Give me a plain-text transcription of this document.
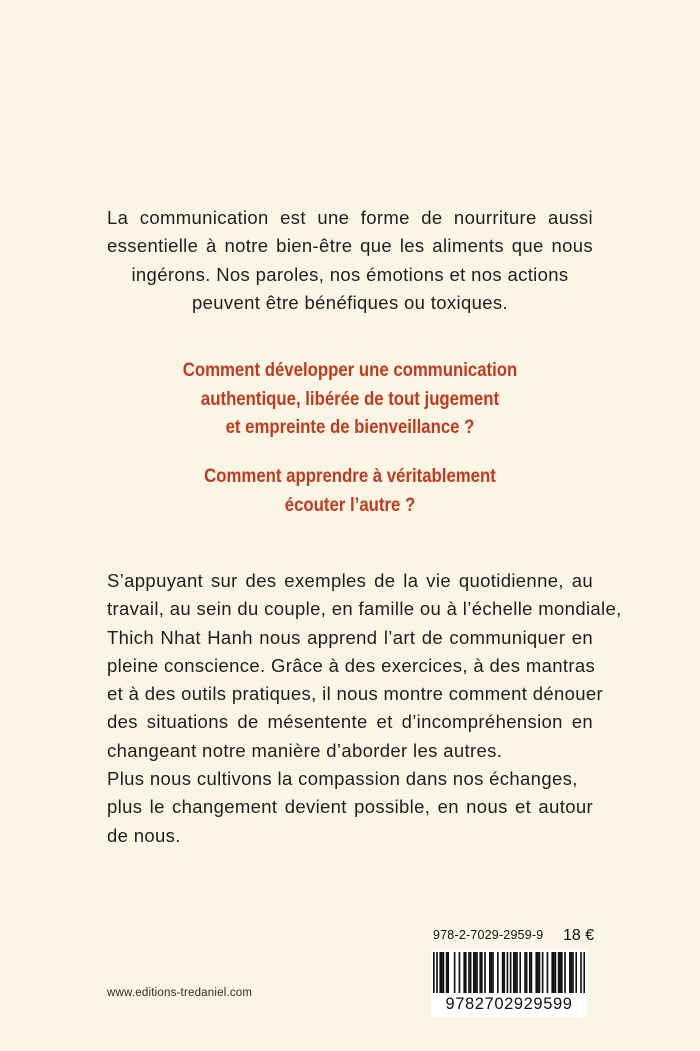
La communication est une forme de nourriture aussi
essentielle à notre bien-être que les aliments que nous
ingérons. Nos paroles, nos émotions et nos actions
peuvent être bénéfiques ou toxiques.
Comment développer une communication
authentique, libérée de tout jugement
et empreinte de bienveillance ?
Comment apprendre à véritablement
écouter l’autre ?
S’appuyant sur des exemples de la vie quotidienne, au
travail, au sein du couple, en famille ou à l’échelle mondiale,
Thich Nhat Hanh nous apprend l’art de communiquer en
pleine conscience. Grâce à des exercices, à des mantras
et à des outils pratiques, il nous montre comment dénouer
des situations de mésentente et d’incompréhension en
changeant notre manière d’aborder les autres.
Plus nous cultivons la compassion dans nos échanges,
plus le changement devient possible, en nous et autour
de nous.
www.editions-tredaniel.com
978-2-7029-2959-9 18 €
9782702929599
